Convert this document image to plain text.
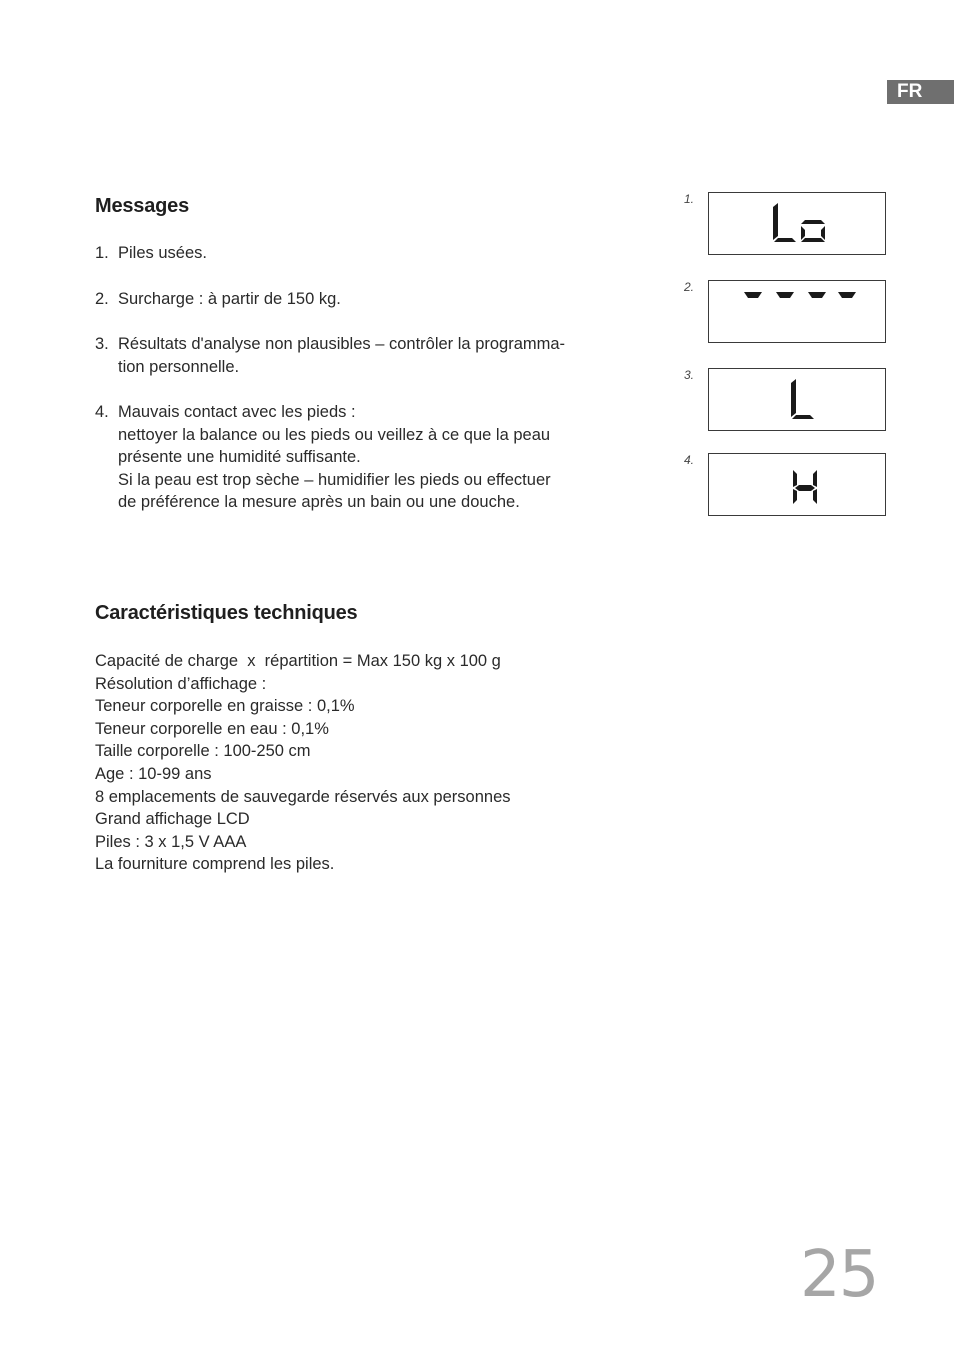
FR
Messages
1. Piles usées.

2. Surcharge : à partir de 150 kg.

3. Résultats d'analyse non plausibles – contrôler la programma-

tion personnelle.

4. Mauvais contact avec les pieds :

nettoyer la balance ou les pieds ou veillez à ce que la peau

présente une humidité suffisante.

Si la peau est trop sèche – humidifier les pieds ou effectuer

de préférence la mesure après un bain ou une douche.

1.
2.
3.
4.
Caractéristiques techniques
Capacité de charge  x  répartition = Max 150 kg x 100 g
Résolution d’affichage :
Teneur corporelle en graisse : 0,1%
Teneur corporelle en eau : 0,1%
Taille corporelle : 100-250 cm
Age : 10-99 ans
8 emplacements de sauvegarde réservés aux personnes
Grand affichage LCD
Piles : 3 x 1,5 V AAA
La fourniture comprend les piles.
25
